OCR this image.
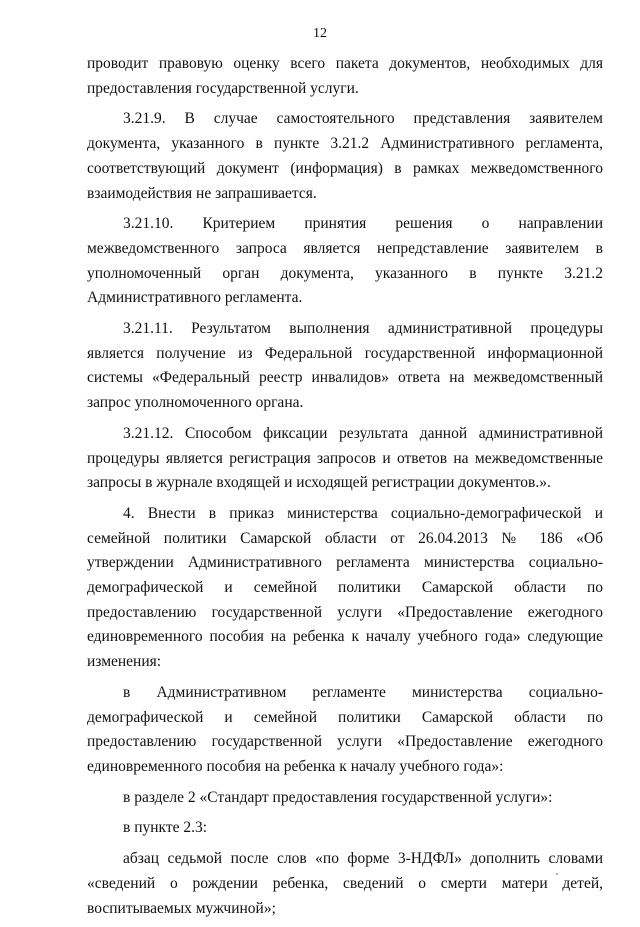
12

проводит правовую оценку всего пакета документов, необходимых для предоставления государственной услуги.

3.21.9. В случае самостоятельного представления заявителем документа, указанного в пункте 3.21.2 Административного регламента, соответствующий документ (информация) в рамках межведомственного взаимодействия не запрашивается.

3.21.10. Критерием принятия решения о направлении межведомственного запроса является непредставление заявителем в уполномоченный орган документа, указанного в пункте 3.21.2 Административного регламента.

3.21.11. Результатом выполнения административной процедуры является получение из Федеральной государственной информационной системы «Федеральный реестр инвалидов» ответа на межведомственный запрос уполномоченного органа.

3.21.12. Способом фиксации результата данной административной процедуры является регистрация запросов и ответов на межведомственные запросы в журнале входящей и исходящей регистрации документов.».

4. Внести в приказ министерства социально-демографической и семейной политики Самарской области от 26.04.2013 № 186 «Об утверждении Административного регламента министерства социально-демографической и семейной политики Самарской области по предоставлению государственной услуги «Предоставление ежегодного единовременного пособия на ребенка к началу учебного года» следующие изменения:

в Административном регламенте министерства социально-демографической и семейной политики Самарской области по предоставлению государственной услуги «Предоставление ежегодного единовременного пособия на ребенка к началу учебного года»:

в разделе 2 «Стандарт предоставления государственной услуги»:

в пункте 2.3:

абзац седьмой после слов «по форме 3-НДФЛ» дополнить словами «сведений о рождении ребенка, сведений о смерти матери детей, воспитываемых мужчиной»;
